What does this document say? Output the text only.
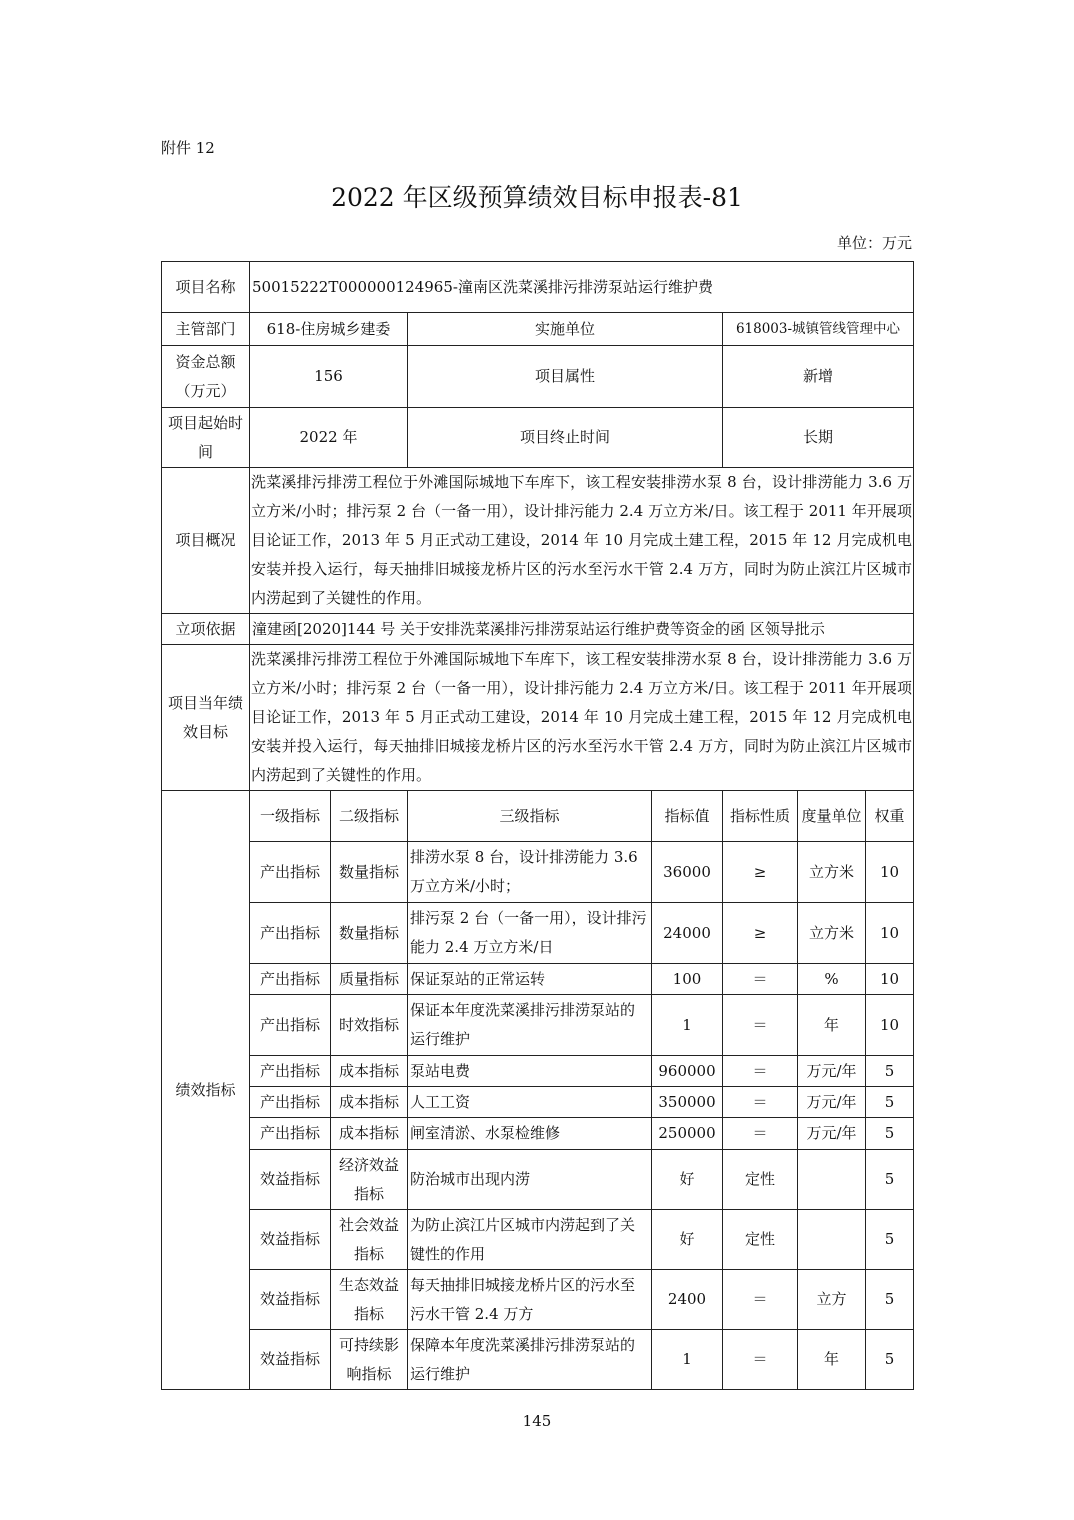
附件 12
2022 年区级预算绩效目标申报表-81
单位：万元
项目名称	50015222T000000124965-潼南区洗菜溪排污排涝泵站运行维护费						
主管部门	618-住房城乡建委		实施单位		618003-城镇管线管理中心		
资金总额（万元）	156		项目属性		新增		
项目起始时间	2022 年		项目终止时间		长期		
项目概况	洗菜溪排污排涝工程位于外滩国际城地下车库下，该工程安装排涝水泵 8 台，设计排涝能力 3.6 万立方米/小时；排污泵 2 台（一备一用），设计排污能力 2.4 万立方米/日。该工程于 2011 年开展项目论证工作，2013 年 5 月正式动工建设，2014 年 10 月完成土建工程，2015 年 12 月完成机电安装并投入运行，每天抽排旧城接龙桥片区的污水至污水干管 2.4 万方，同时为防止滨江片区城市内涝起到了关键性的作用。						
立项依据	潼建函[2020]144 号 关于安排洗菜溪排污排涝泵站运行维护费等资金的函 区领导批示						
项目当年绩效目标	洗菜溪排污排涝工程位于外滩国际城地下车库下，该工程安装排涝水泵 8 台，设计排涝能力 3.6 万立方米/小时；排污泵 2 台（一备一用），设计排污能力 2.4 万立方米/日。该工程于 2011 年开展项目论证工作，2013 年 5 月正式动工建设，2014 年 10 月完成土建工程，2015 年 12 月完成机电安装并投入运行，每天抽排旧城接龙桥片区的污水至污水干管 2.4 万方，同时为防止滨江片区城市内涝起到了关键性的作用。						
绩效指标	一级指标	二级指标	三级指标	指标值	指标性质	度量单位	权重
	产出指标	数量指标	排涝水泵 8 台，设计排涝能力 3.6 万立方米/小时；	36000	≥	立方米	10
	产出指标	数量指标	排污泵 2 台（一备一用），设计排污能力 2.4 万立方米/日	24000	≥	立方米	10
	产出指标	质量指标	保证泵站的正常运转	100	＝	%	10
	产出指标	时效指标	保证本年度洗菜溪排污排涝泵站的运行维护	1	＝	年	10
	产出指标	成本指标	泵站电费	960000	＝	万元/年	5
	产出指标	成本指标	人工工资	350000	＝	万元/年	5
	产出指标	成本指标	闸室清淤、水泵检维修	250000	＝	万元/年	5
	效益指标	经济效益指标	防治城市出现内涝	好	定性		5
	效益指标	社会效益指标	为防止滨江片区城市内涝起到了关键性的作用	好	定性		5
	效益指标	生态效益指标	每天抽排旧城接龙桥片区的污水至污水干管 2.4 万方	2400	＝	立方	5
	效益指标	可持续影响指标	保障本年度洗菜溪排污排涝泵站的运行维护	1	＝	年	5
145
